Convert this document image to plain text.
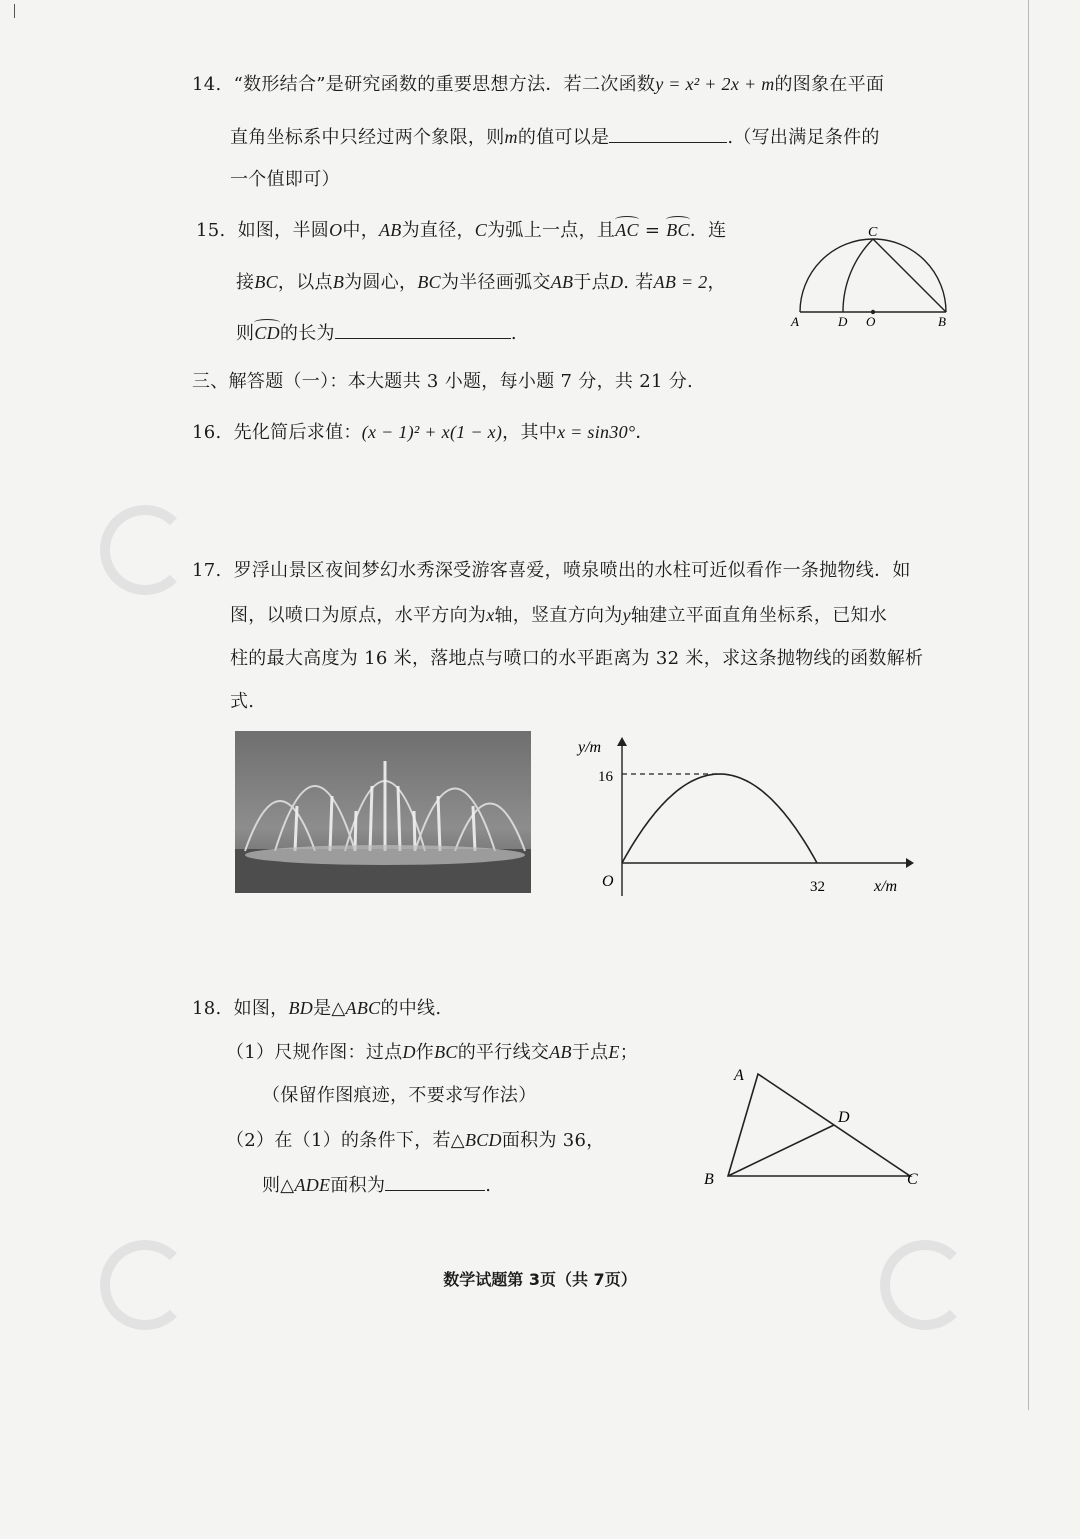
14. “数形结合”是研究函数的重要思想方法．若二次函数y = x² + 2x + m的图象在平面
直角坐标系中只经过两个象限，则m的值可以是	.（写出满足条件的
一个值即可）
15. 如图，半圆O中，AB为直径，C为弧上一点，且AC = BC．连
接BC，以点B为圆心，BC为半径画弧交AB于点D. 若AB = 2，
则CD的长为	.
C
A	D O	B
三、解答题（一）：本大题共 3 小题，每小题 7 分，共 21 分.
16. 先化简后求值：(x − 1)² + x(1 − x)，其中x = sin30°．
17. 罗浮山景区夜间梦幻水秀深受游客喜爱，喷泉喷出的水柱可近似看作一条抛物线．如
图，以喷口为原点，水平方向为x轴，竖直方向为y轴建立平面直角坐标系，已知水
柱的最大高度为 16 米，落地点与喷口的水平距离为 32 米，求这条抛物线的函数解析
式.
y/m
x/m
O
16
32
18. 如图，BD是△ABC的中线.
（1）尺规作图：过点D作BC的平行线交AB于点E；
（保留作图痕迹，不要求写作法）
（2）在（1）的条件下，若△BCD面积为 36，
则△ADE面积为	.
A
B	C
D
数学试题第 3页（共 7页）
